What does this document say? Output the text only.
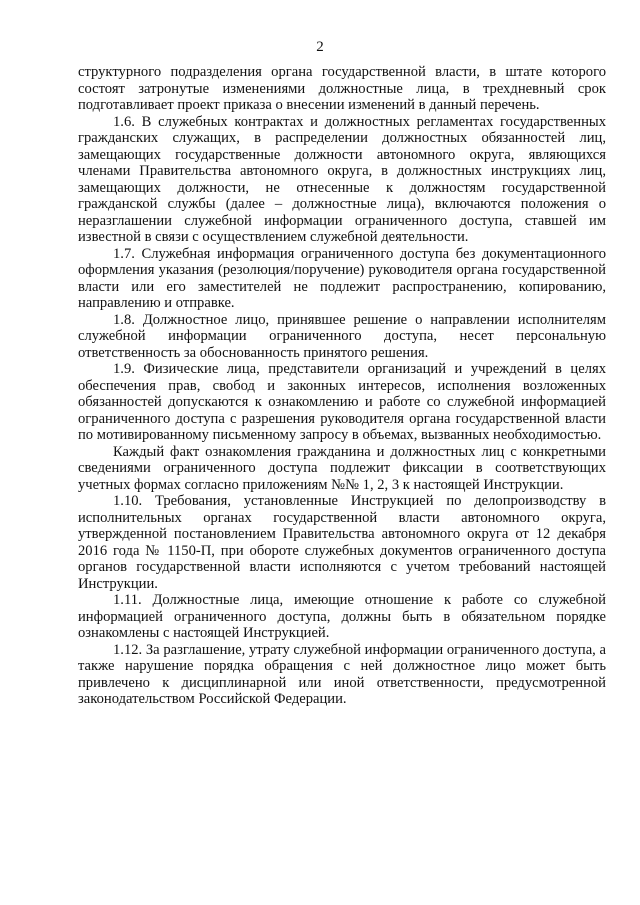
2

структурного подразделения органа государственной власти, в штате которого состоят затронутые изменениями должностные лица, в трехдневный срок подготавливает проект приказа о внесении изменений в данный перечень.

1.6. В служебных контрактах и должностных регламентах государственных гражданских служащих, в распределении должностных обязанностей лиц, замещающих государственные должности автономного округа, являющихся членами Правительства автономного округа, в должностных инструкциях лиц, замещающих должности, не отнесенные к должностям государственной гражданской службы (далее – должностные лица), включаются положения о неразглашении служебной информации ограниченного доступа, ставшей им известной в связи с осуществлением служебной деятельности.

1.7. Служебная информация ограниченного доступа без документационного оформления указания (резолюция/поручение) руководителя органа государственной власти или его заместителей не подлежит распространению, копированию, направлению и отправке.

1.8. Должностное лицо, принявшее решение о направлении исполнителям служебной информации ограниченного доступа, несет персональную ответственность за обоснованность принятого решения.

1.9. Физические лица, представители организаций и учреждений в целях обеспечения прав, свобод и законных интересов, исполнения возложенных обязанностей допускаются к ознакомлению и работе со служебной информацией ограниченного доступа с разрешения руководителя органа государственной власти по мотивированному письменному запросу в объемах, вызванных необходимостью.

Каждый факт ознакомления гражданина и должностных лиц с конкретными сведениями ограниченного доступа подлежит фиксации в соответствующих учетных формах согласно приложениям №№ 1, 2, 3 к настоящей Инструкции.

1.10. Требования, установленные Инструкцией по делопроизводству в исполнительных органах государственной власти автономного округа, утвержденной постановлением Правительства автономного округа от 12 декабря 2016 года № 1150-П, при обороте служебных документов ограниченного доступа органов государственной власти исполняются с учетом требований настоящей Инструкции.

1.11. Должностные лица, имеющие отношение к работе со служебной информацией ограниченного доступа, должны быть в обязательном порядке ознакомлены с настоящей Инструкцией.

1.12. За разглашение, утрату служебной информации ограниченного доступа, а также нарушение порядка обращения с ней должностное лицо может быть привлечено к дисциплинарной или иной ответственности, предусмотренной законодательством Российской Федерации.
